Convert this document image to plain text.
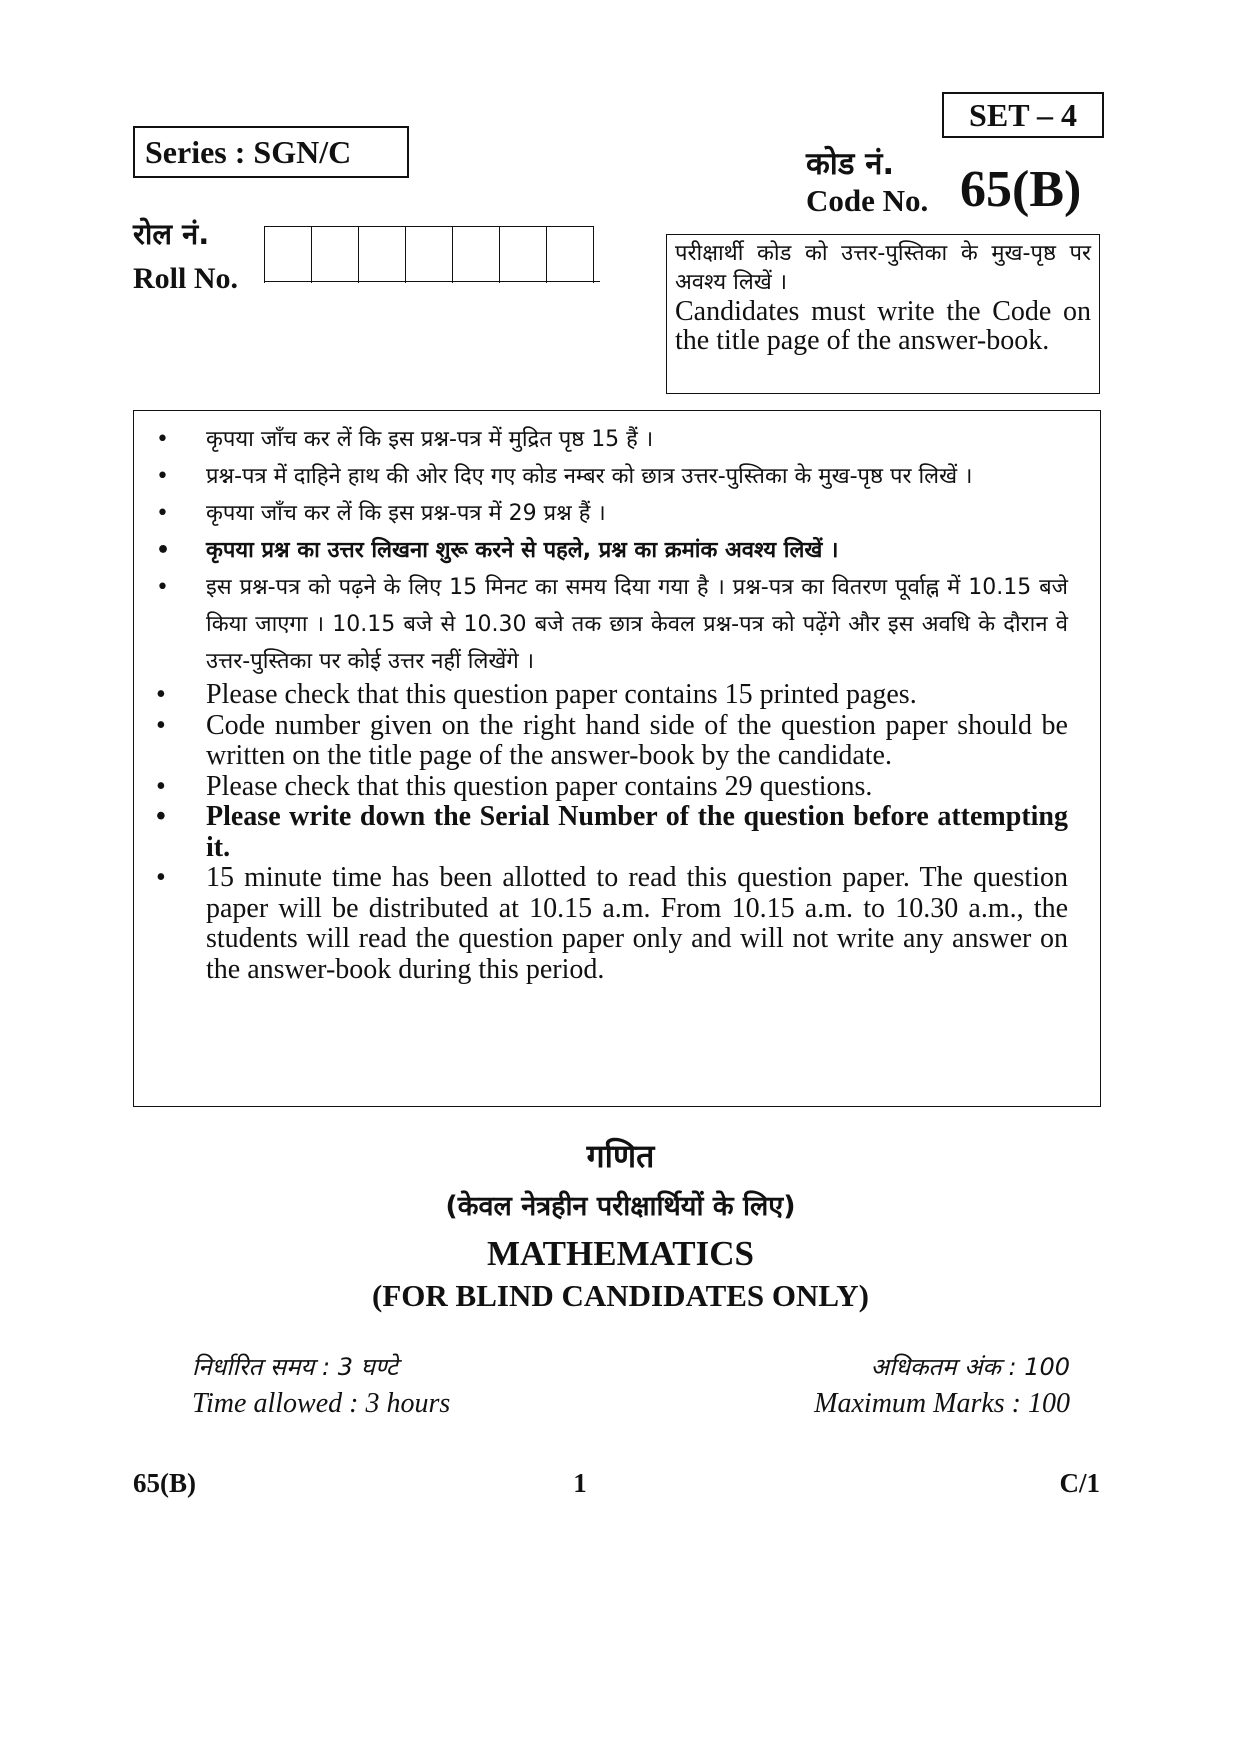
SET – 4
Series : SGN/C	कोड नं.
Code No. 65(B)
रोल नं.
Roll No.
परीक्षार्थी कोड को उत्तर-पुस्तिका के मुख-पृष्ठ पर अवश्य लिखें ।
Candidates must write the Code on the title page of the answer-book.
• कृपया जाँच कर लें कि इस प्रश्न-पत्र में मुद्रित पृष्ठ 15 हैं ।
• प्रश्न-पत्र में दाहिने हाथ की ओर दिए गए कोड नम्बर को छात्र उत्तर-पुस्तिका के मुख-पृष्ठ पर लिखें ।
• कृपया जाँच कर लें कि इस प्रश्न-पत्र में 29 प्रश्न हैं ।
• कृपया प्रश्न का उत्तर लिखना शुरू करने से पहले, प्रश्न का क्रमांक अवश्य लिखें ।
• इस प्रश्न-पत्र को पढ़ने के लिए 15 मिनट का समय दिया गया है । प्रश्न-पत्र का वितरण पूर्वाह्न में 10.15 बजे किया जाएगा । 10.15 बजे से 10.30 बजे तक छात्र केवल प्रश्न-पत्र को पढ़ेंगे और इस अवधि के दौरान वे उत्तर-पुस्तिका पर कोई उत्तर नहीं लिखेंगे ।
• Please check that this question paper contains 15 printed pages.
• Code number given on the right hand side of the question paper should be written on the title page of the answer-book by the candidate.
• Please check that this question paper contains 29 questions.
• Please write down the Serial Number of the question before attempting it.
• 15 minute time has been allotted to read this question paper. The question paper will be distributed at 10.15 a.m. From 10.15 a.m. to 10.30 a.m., the students will read the question paper only and will not write any answer on the answer-book during this period.
गणित
(केवल नेत्रहीन परीक्षार्थियों के लिए)
MATHEMATICS
(FOR BLIND CANDIDATES ONLY)
निर्धारित समय : 3 घण्टे
Time allowed : 3 hours
अधिकतम अंक : 100
Maximum Marks : 100
65(B)	1	C/1
